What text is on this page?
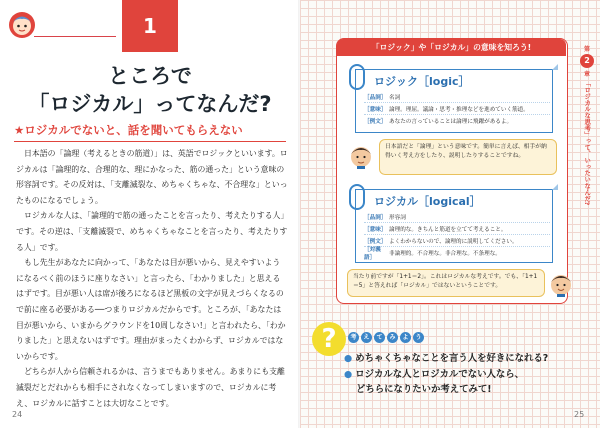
1
ところで
「ロジカル」ってなんだ?
★ロジカルでないと、話を聞いてもらえない

日本語の「論理（考えるときの筋道）」は、英語でロジックといいます。ロジカルは「論理的な、合理的な、理にかなった、筋の通った」という意味の形容詞です。その反対は、「支離滅裂な、めちゃくちゃな、不合理な」といったものになるでしょう。

ロジカルな人は、「論理的で筋の通ったことを言ったり、考えたりする人」です。その逆は、「支離滅裂で、めちゃくちゃなことを言ったり、考えたりする人」です。

もし先生があなたに向かって、「あなたは目が悪いから、見えやすいようになるべく前のほうに座りなさい」と言ったら、「わかりました」と思えるはずです。目が悪い人は席が後ろになるほど黒板の文字が見えづらくなるので前に座る必要がある──つまりロジカルだからです。ところが、「あなたは目が悪いから、いまからグラウンドを10周しなさい!」と言われたら、「わかりました」と思えないはずです。理由がまったくわからず、ロジカルではないからです。

どちらが人から信頼されるかは、言うまでもありません。あまりにも支離滅裂だとだれからも相手にされなくなってしまいますので、ロジカルに考え、ロジカルに話すことは大切なことです。

24
「ロジック」や「ロジカル」の意味を知ろう!
ロジック［logic］
［品詞］ 名詞
［意味］ 論理。理屈。議論・思考・推理などを進めていく筋道。
［例文］ あなたの言っていることは論理に飛躍があるよ。
日本語だと「論理」という意味です。簡単に言えば、相手が納得いく考え方をしたり、説明したりすることですね。
ロジカル［logical］
［品詞］ 形容詞
［意味］ 論理的な。きちんと筋道を立てて考えること。
［例文］ よくわからないので、論理的に説明してください。
［対義語］
非論理的。不合理な。非合理な。不条理な。
当たり前ですが「1+1＝2」。これはロジカルな考えです。でも、「1+1＝5」と答えれば「ロジカル」ではないということです。
?	考	え	て	み	よ	う
● めちゃくちゃなことを言う人を好きになれる?
● ロジカルな人とロジカルでない人なら、
どちらになりたいか考えてみて!
第
2
章
「ロジカルな思考」って、いったいなんだ?
25
